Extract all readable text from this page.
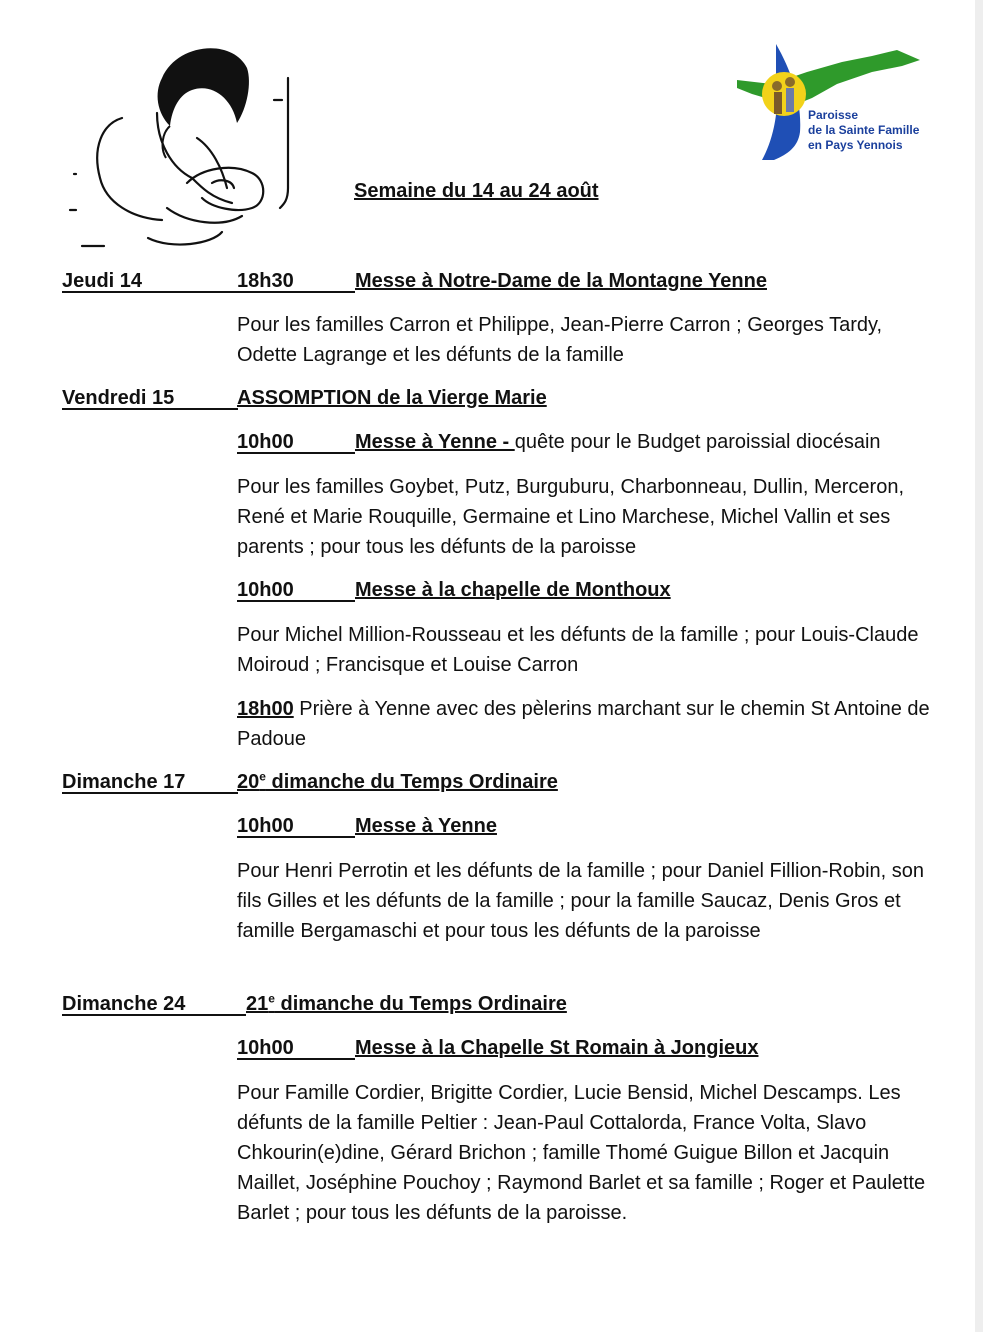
Paroisse
de la Sainte Famille
en Pays Yennois
Semaine du 14 au 24 août
Jeudi 14	18h30	Messe à Notre-Dame de la Montagne Yenne
Pour les familles Carron et Philippe, Jean-Pierre Carron ; Georges Tardy, Odette Lagrange et les défunts de la famille
Vendredi 15	ASSOMPTION de la Vierge Marie
10h00	Messe à Yenne - quête pour le Budget paroissial diocésain
Pour les familles Goybet, Putz, Burguburu, Charbonneau, Dullin, Merceron, René et Marie Rouquille, Germaine et Lino Marchese, Michel Vallin et ses parents ; pour tous les défunts de la paroisse
10h00	Messe à la chapelle de Monthoux
Pour Michel Million-Rousseau et les défunts de la famille ; pour Louis-Claude Moiroud ; Francisque et Louise Carron
18h00 Prière à Yenne avec des pèlerins marchant sur le chemin St Antoine de Padoue
Dimanche 17	20e dimanche du Temps Ordinaire
10h00	Messe à Yenne
Pour Henri Perrotin et les défunts de la famille ; pour Daniel Fillion-Robin, son fils Gilles et les défunts de la famille ; pour la famille Saucaz, Denis Gros et famille Bergamaschi et pour tous les défunts de la paroisse
Dimanche 24	21e dimanche du Temps Ordinaire
10h00	Messe à la Chapelle St Romain à Jongieux
Pour Famille Cordier, Brigitte Cordier, Lucie Bensid, Michel Descamps. Les défunts de la famille Peltier : Jean-Paul Cottalorda, France Volta, Slavo Chkourin(e)dine, Gérard Brichon ; famille Thomé Guigue Billon et Jacquin Maillet, Joséphine Pouchoy ; Raymond Barlet et sa famille ; Roger et Paulette Barlet ; pour tous les défunts de la paroisse.
